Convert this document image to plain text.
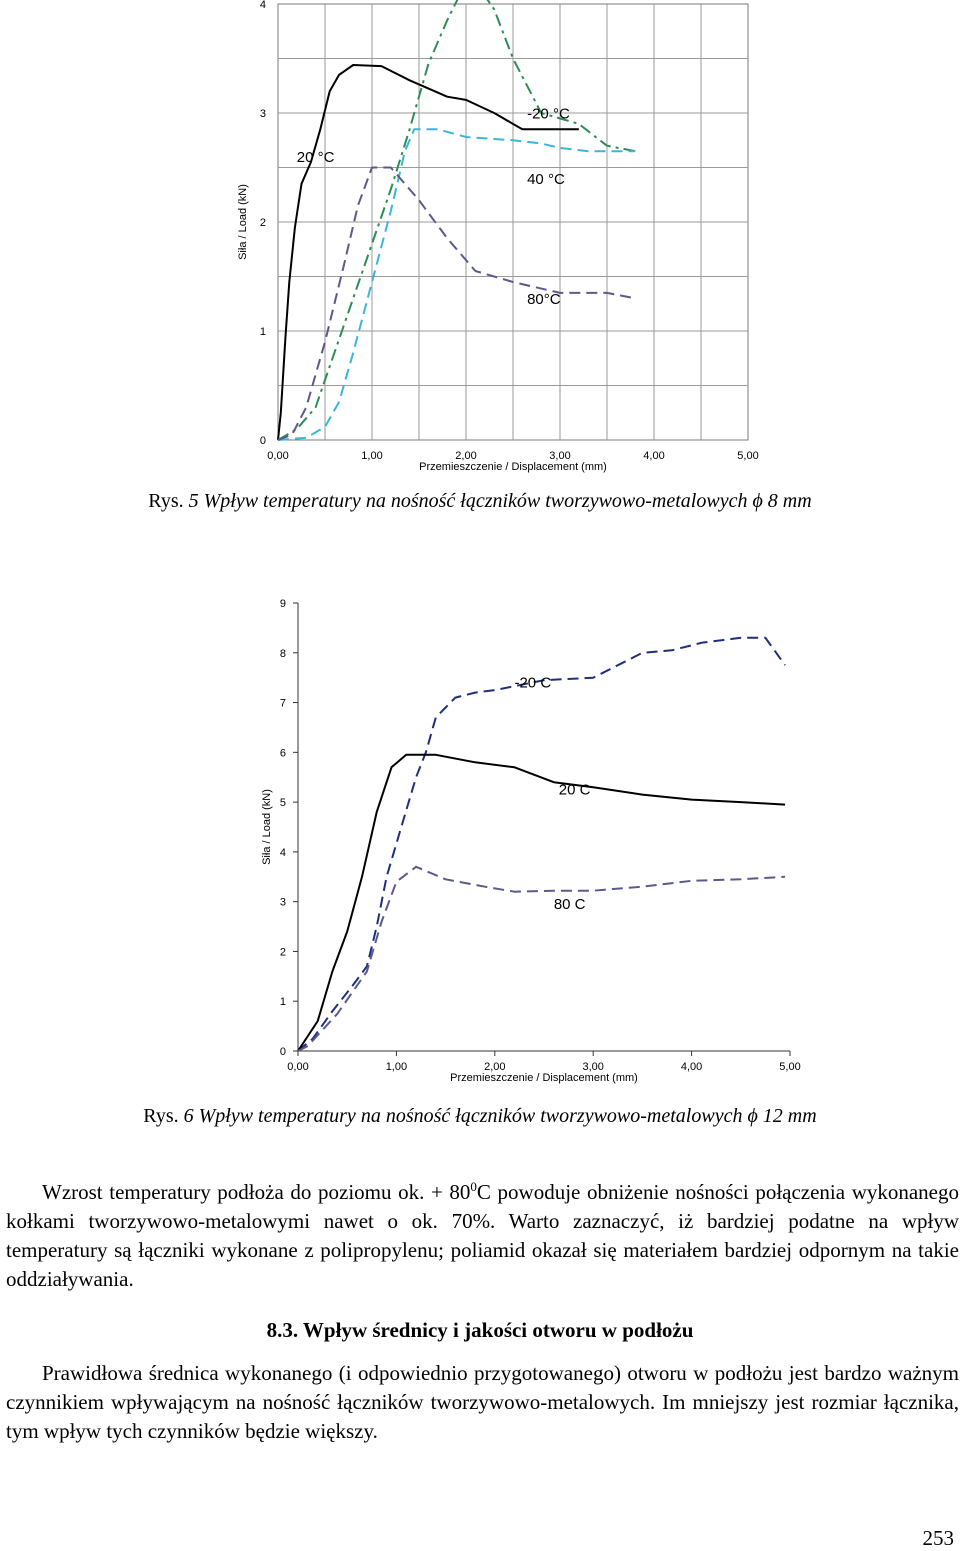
0
1
2
3
4
0,00	1,00	2,00	3,00	4,00	5,00
Przemieszczenie / Displacement (mm)
Siła / Load (kN)
20 °C
-20 °C
40 °C
80°C
Rys. 5 Wpływ temperatury na nośność łączników tworzywowo-metalowych ϕ 8 mm
0
1
2
3
4
5
6
7
8
9
0,00	1,00	2,00	3,00	4,00	5,00
Przemieszczenie / Displacement (mm)
Siła / Load (kN)
-20 C
20 C
80 C
Rys. 6 Wpływ temperatury na nośność łączników tworzywowo-metalowych ϕ 12 mm

Wzrost temperatury podłoża do poziomu ok. + $80^0C$ powoduje obniżenie nośności połączenia wykonanego kołkami tworzywowo-metalowymi nawet o ok. 70%. Warto zaznaczyć, iż bardziej podatne na wpływ temperatury są łączniki wykonane z polipropylenu; poliamid okazał się materiałem bardziej odpornym na takie oddziaływania.

8.3. Wpływ średnicy i jakości otworu w podłożu

Prawidłowa średnica wykonanego (i odpowiednio przygotowanego) otworu w podłożu jest bardzo ważnym czynnikiem wpływającym na nośność łączników tworzywowo-metalowych. Im mniejszy jest rozmiar łącznika, tym wpływ tych czynników będzie większy.

253
